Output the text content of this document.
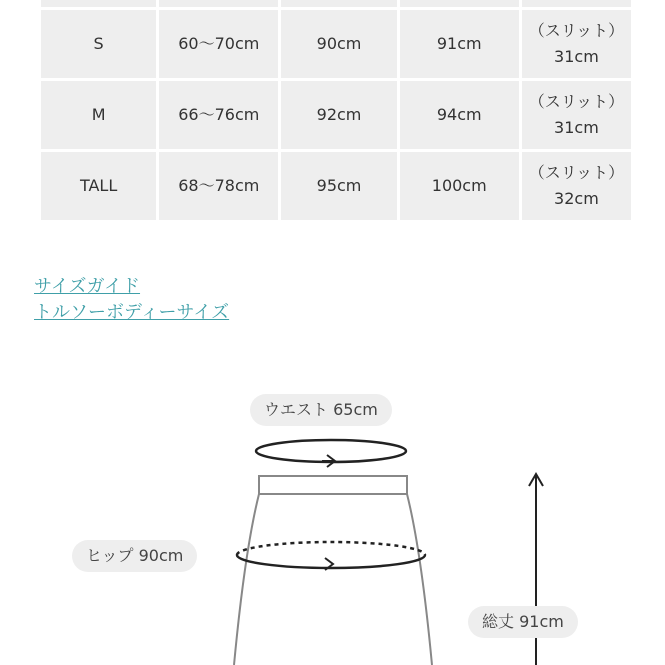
S	60〜70cm	90cm	91cm	（スリット）
31cm

M	66〜76cm	92cm	94cm	（スリット）
31cm

TALL	68〜78cm	95cm	100cm	（スリット）
32cm
サイズガイド
トルソーボディーサイズ
ウエスト 65cm
ヒップ 90cm
総丈 91cm
